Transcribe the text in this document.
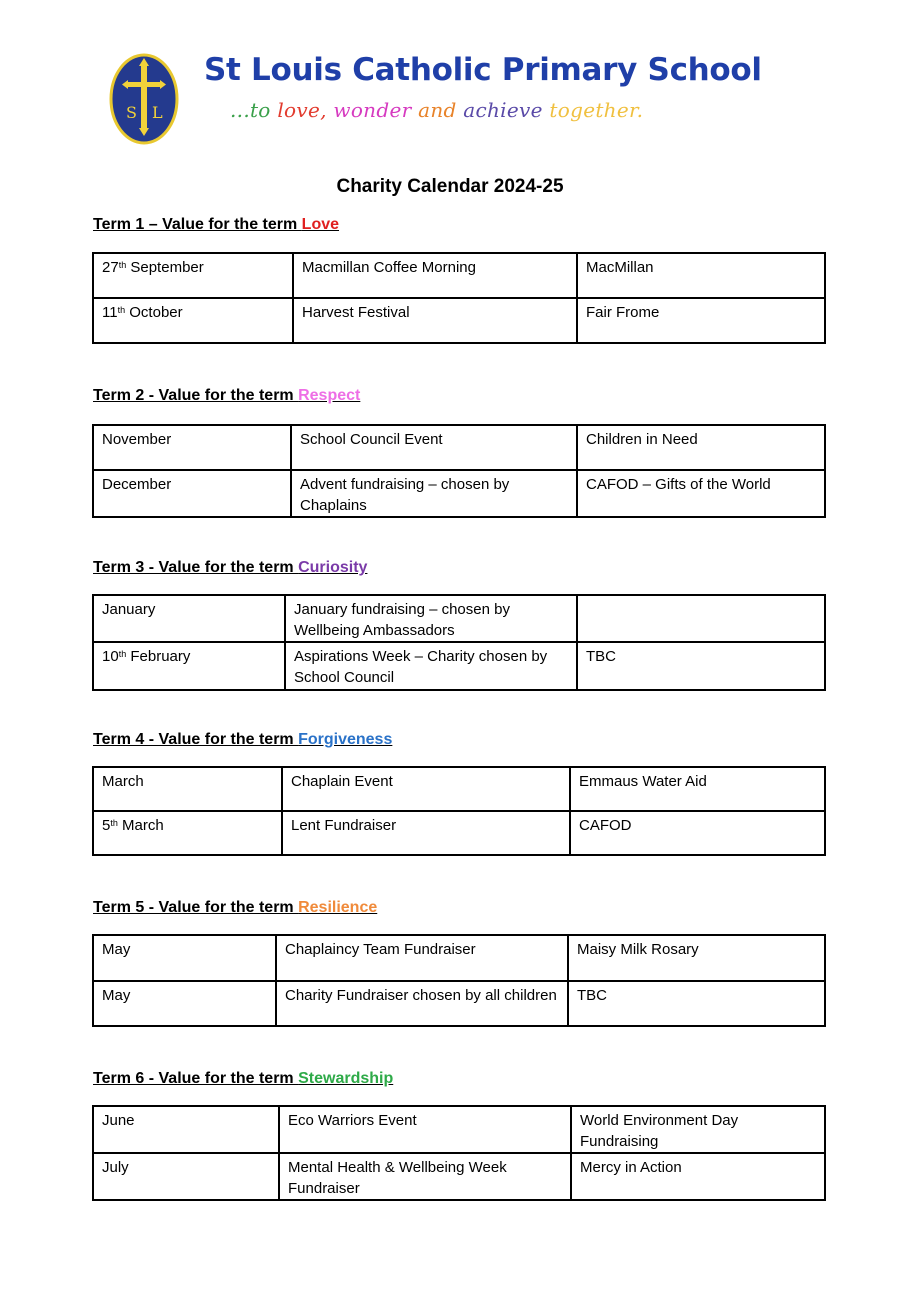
S L
St Louis Catholic Primary School
...to love, wonder and achieve together.
Charity Calendar 2024-25
Term 1 – Value for the term Love
27th September	Macmillan Coffee Morning	MacMillan
11th October	Harvest Festival	Fair Frome
Term 2 - Value for the term Respect
November	School Council Event	Children in Need
December	Advent fundraising – chosen by Chaplains	CAFOD – Gifts of the World
Term 3 - Value for the term Curiosity
January	January fundraising – chosen by Wellbeing Ambassadors	
10th February	Aspirations Week – Charity chosen by School Council	TBC
Term 4 - Value for the term Forgiveness
March	Chaplain Event	Emmaus Water Aid
5th March	Lent Fundraiser	CAFOD
Term 5 - Value for the term Resilience
May	Chaplaincy Team Fundraiser	Maisy Milk Rosary
May	Charity Fundraiser chosen by all children	TBC
Term 6 - Value for the term Stewardship
June	Eco Warriors Event	World Environment Day Fundraising
July	Mental Health & Wellbeing Week Fundraiser	Mercy in Action
